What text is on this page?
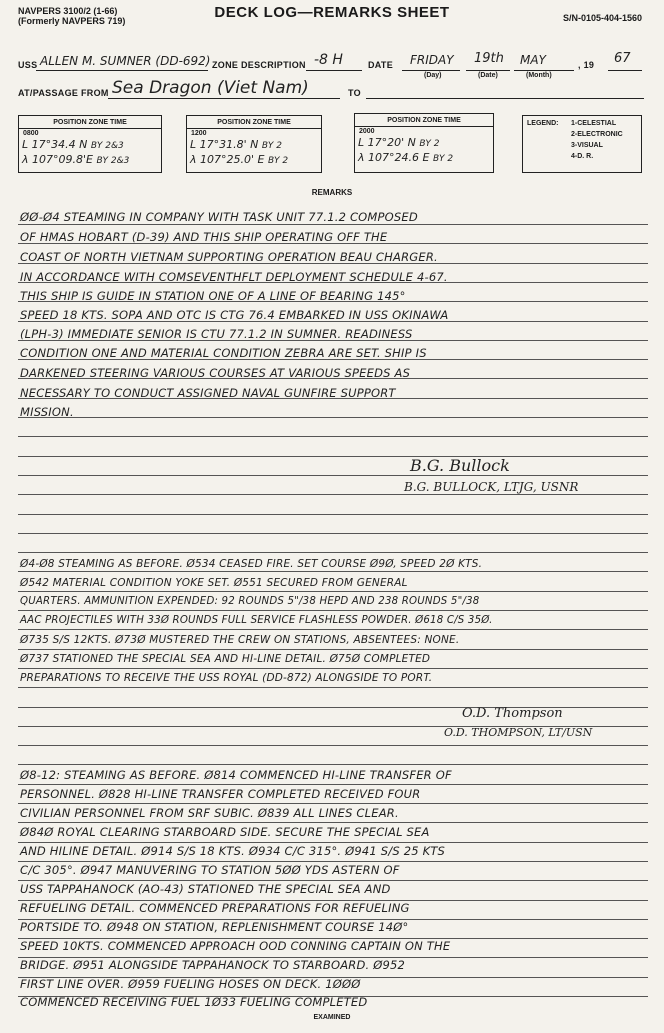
NAVPERS 3100/2 (1-66)
(Formerly NAVPERS 719)	DECK LOG—REMARKS SHEET	S/N-0105-404-1560
USS ALLEN M. SUMNER (DD-692) ZONE DESCRIPTION -8 H	DATE FRIDAY 19th MAY	, 19 67
(Day)	(Date)	(Month)
AT/PASSAGE FROM Sea Dragon (Viet Nam)	TO
POSITION ZONE TIME
0800
L 17°34.4 N BY 2&3
λ 107°09.8'E BY 2&3
POSITION ZONE TIME
1200
L 17°31.8' N BY 2
λ 107°25.0' E BY 2
POSITION ZONE TIME
2000
L 17°20' N BY 2
λ 107°24.6 E BY 2
LEGEND: 1-CELESTIAL
2-ELECTRONIC
3-VISUAL
4-D. R.
REMARKS
ØØ-Ø4 STEAMING IN COMPANY WITH TASK UNIT 77.1.2 COMPOSED
OF HMAS HOBART (D-39) AND THIS SHIP OPERATING OFF THE
COAST OF NORTH VIETNAM SUPPORTING OPERATION BEAU CHARGER.
IN ACCORDANCE WITH COMSEVENTHFLT DEPLOYMENT SCHEDULE 4-67.
THIS SHIP IS GUIDE IN STATION ONE OF A LINE OF BEARING 145°
SPEED 18 KTS. SOPA AND OTC IS CTG 76.4 EMBARKED IN USS OKINAWA
(LPH-3) IMMEDIATE SENIOR IS CTU 77.1.2 IN SUMNER. READINESS
CONDITION ONE AND MATERIAL CONDITION ZEBRA ARE SET. SHIP IS
DARKENED STEERING VARIOUS COURSES AT VARIOUS SPEEDS AS
NECESSARY TO CONDUCT ASSIGNED NAVAL GUNFIRE SUPPORT
MISSION.
B.G. Bullock
B.G. BULLOCK, LTJG, USNR
Ø4-Ø8 STEAMING AS BEFORE. Ø534 CEASED FIRE. SET COURSE Ø9Ø, SPEED 2Ø KTS.
Ø542 MATERIAL CONDITION YOKE SET. Ø551 SECURED FROM GENERAL
QUARTERS. AMMUNITION EXPENDED: 92 ROUNDS 5"/38 HEPD AND 238 ROUNDS 5"/38
AAC PROJECTILES WITH 33Ø ROUNDS FULL SERVICE FLASHLESS POWDER. Ø618 C/S 35Ø.
Ø735 S/S 12KTS. Ø73Ø MUSTERED THE CREW ON STATIONS, ABSENTEES: NONE.
Ø737 STATIONED THE SPECIAL SEA AND HI-LINE DETAIL. Ø75Ø COMPLETED
PREPARATIONS TO RECEIVE THE USS ROYAL (DD-872) ALONGSIDE TO PORT.
O.D. Thompson
O.D. THOMPSON, LT/USN
Ø8-12: STEAMING AS BEFORE. Ø814 COMMENCED HI-LINE TRANSFER OF
PERSONNEL. Ø828 HI-LINE TRANSFER COMPLETED RECEIVED FOUR
CIVILIAN PERSONNEL FROM SRF SUBIC. Ø839 ALL LINES CLEAR.
Ø84Ø ROYAL CLEARING STARBOARD SIDE. SECURE THE SPECIAL SEA
AND HILINE DETAIL. Ø914 S/S 18 KTS. Ø934 C/C 315°. Ø941 S/S 25 KTS
C/C 305°. Ø947 MANUVERING TO STATION 5ØØ YDS ASTERN OF
USS TAPPAHANOCK (AO-43) STATIONED THE SPECIAL SEA AND
REFUELING DETAIL. COMMENCED PREPARATIONS FOR REFUELING
PORTSIDE TO. Ø948 ON STATION, REPLENISHMENT COURSE 14Ø°
SPEED 10KTS. COMMENCED APPROACH OOD CONNING CAPTAIN ON THE
BRIDGE. Ø951 ALONGSIDE TAPPAHANOCK TO STARBOARD. Ø952
FIRST LINE OVER. Ø959 FUELING HOSES ON DECK. 1ØØØ
COMMENCED RECEIVING FUEL 1Ø33 FUELING COMPLETED
EXAMINED
